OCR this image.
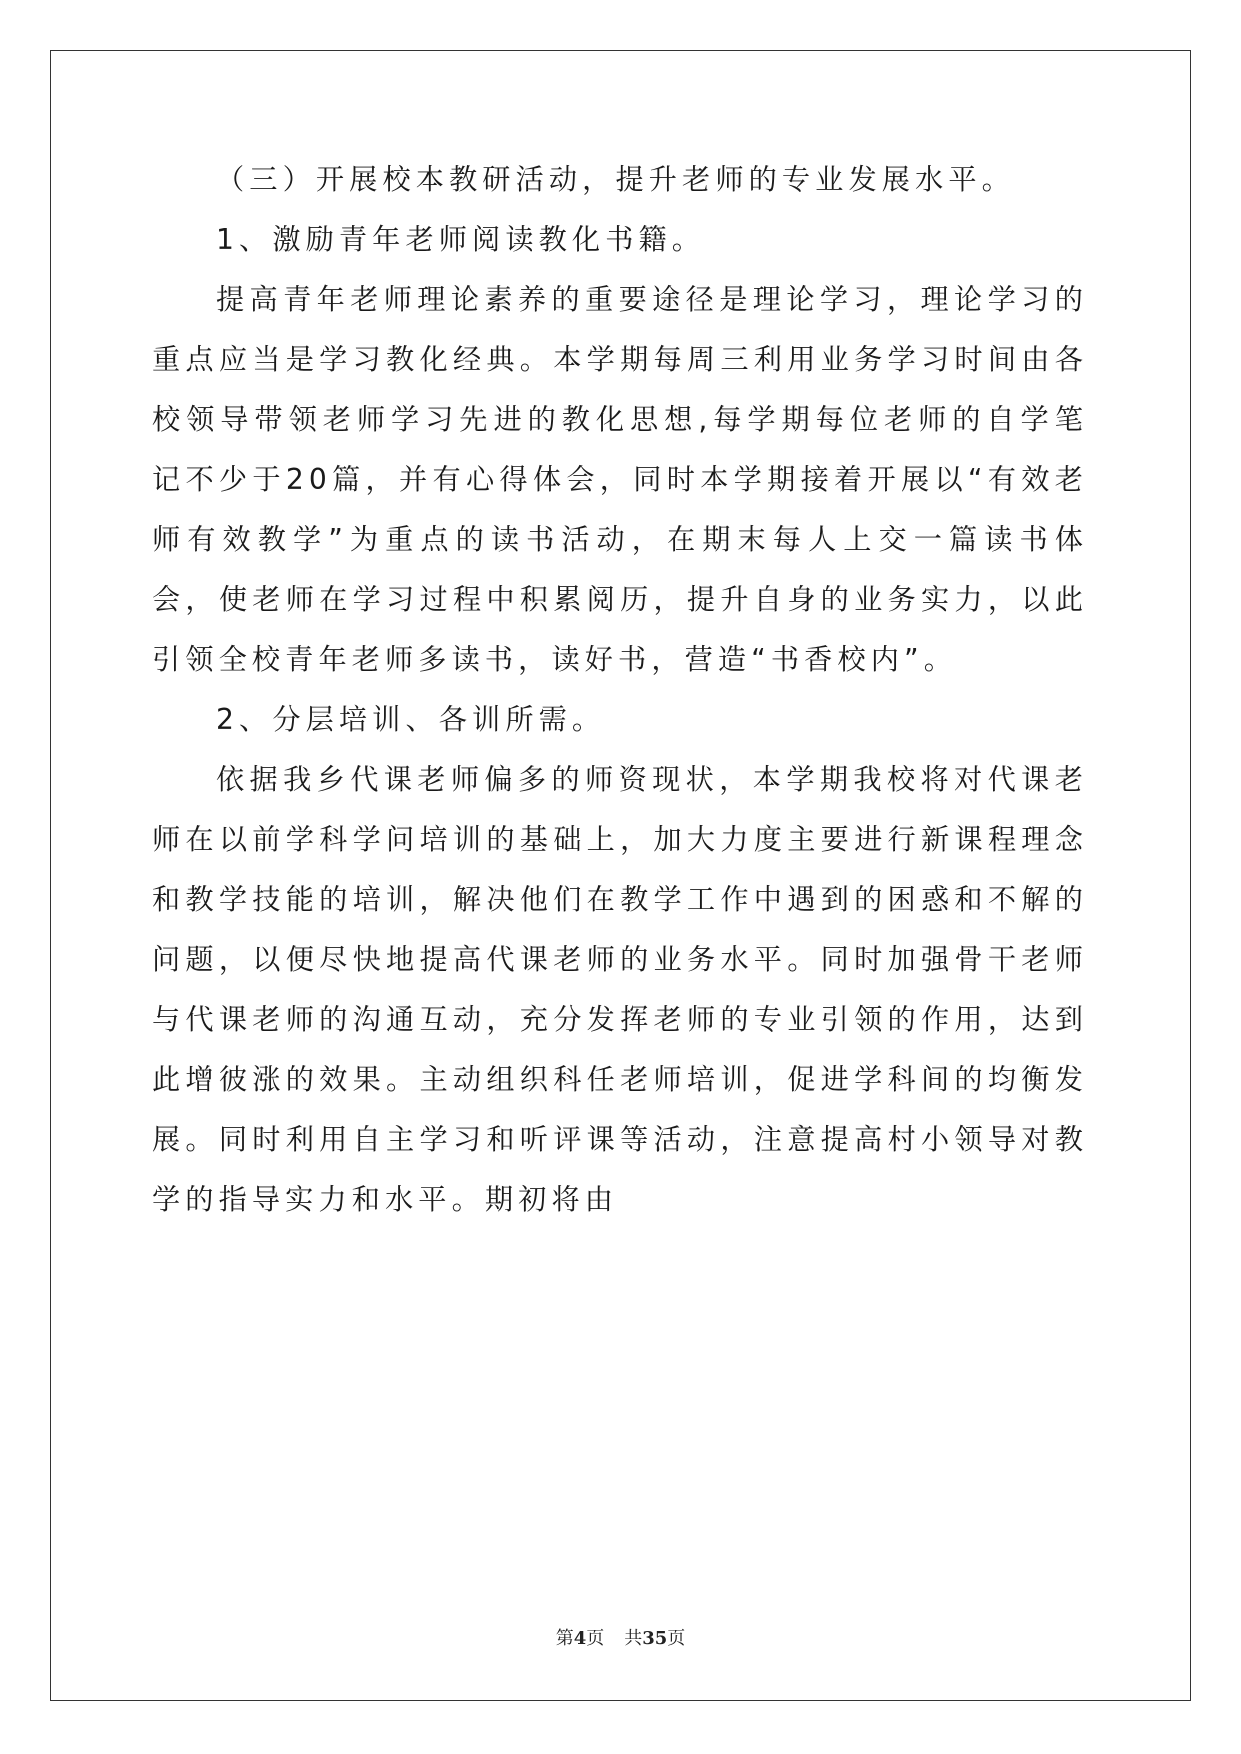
（三）开展校本教研活动，提升老师的专业发展水平。

1、激励青年老师阅读教化书籍。

提高青年老师理论素养的重要途径是理论学习，理论学习的重点应当是学习教化经典。本学期每周三利用业务学习时间由各校领导带领老师学习先进的教化思想,每学期每位老师的自学笔记不少于20篇，并有心得体会，同时本学期接着开展以“有效老师有效教学”为重点的读书活动，在期末每人上交一篇读书体会，使老师在学习过程中积累阅历，提升自身的业务实力，以此引领全校青年老师多读书，读好书，营造“书香校内”。

2、分层培训、各训所需。

依据我乡代课老师偏多的师资现状，本学期我校将对代课老师在以前学科学问培训的基础上，加大力度主要进行新课程理念和教学技能的培训，解决他们在教学工作中遇到的困惑和不解的问题，以便尽快地提高代课老师的业务水平。同时加强骨干老师与代课老师的沟通互动，充分发挥老师的专业引领的作用，达到此增彼涨的效果。主动组织科任老师培训，促进学科间的均衡发展。同时利用自主学习和听评课等活动，注意提高村小领导对教学的指导实力和水平。期初将由

第4页 共35页
